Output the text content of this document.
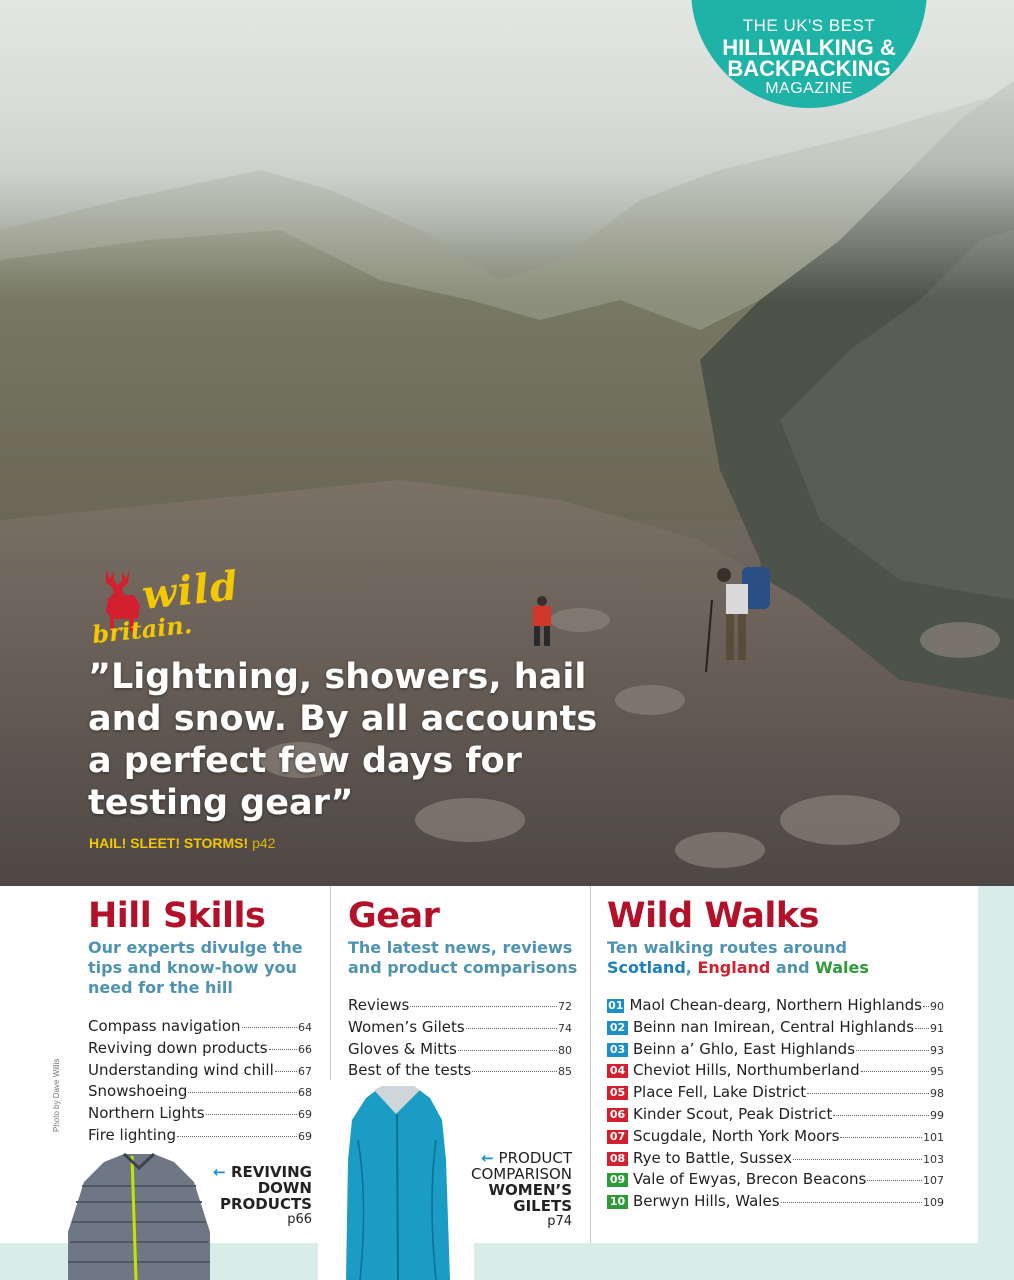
THE UK'S BEST
HILLWALKING &
BACKPACKING
MAGAZINE
wild
britain.

”Lightning, showers, hail and snow. By all accounts a perfect few days for testing gear”

HAIL! SLEET! STORMS! p42
Photo by Dave Willis
Hill Skills
Our experts divulge the tips and know-how you need for the hill
Compass navigation	64
Reviving down products	66
Understanding wind chill 67
Snowshoeing	68
Northern Lights	69
Fire lighting	69
← REVIVING
DOWN
PRODUCTS
p66
Gear
The latest news, reviews and product comparisons
Reviews	72
Women’s Gilets	74
Gloves & Mitts	80
Best of the tests	85
← PRODUCT
COMPARISON
WOMEN’S
GILETS
p74
Wild Walks
Ten walking routes around
Scotland, England and Wales
01 Maol Chean-dearg, Northern Highlands 90
02 Beinn nan Imirean, Central Highlands 91
03 Beinn a’ Ghlo, East Highlands	93
04 Cheviot Hills, Northumberland	95
05 Place Fell, Lake District	98
06 Kinder Scout, Peak District	99
07 Scugdale, North York Moors	101
08 Rye to Battle, Sussex	103
09 Vale of Ewyas, Brecon Beacons	107
10 Berwyn Hills, Wales	109
